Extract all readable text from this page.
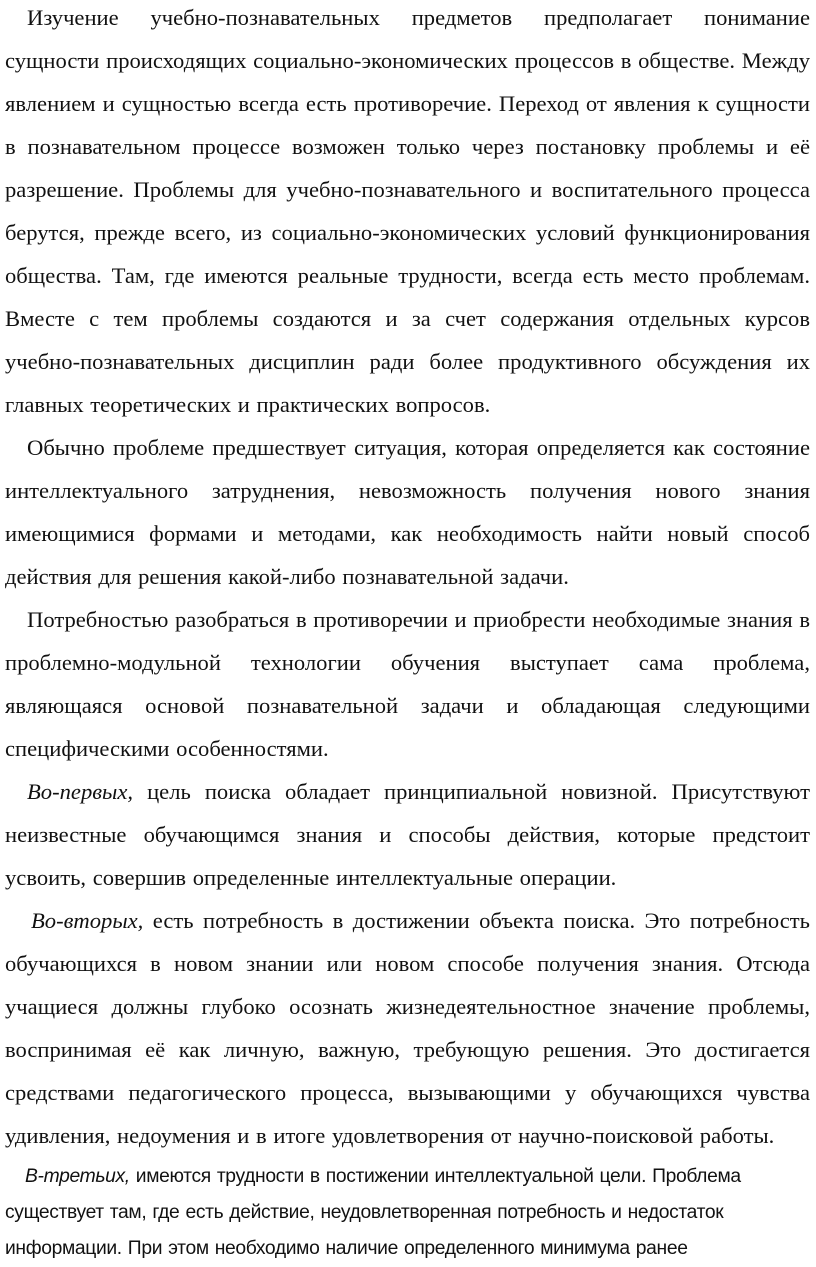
Изучение учебно-познавательных предметов предполагает понимание сущности происходящих социально-экономических процессов в обществе. Между явлением и сущностью всегда есть противоречие. Переход от явления к сущности в познавательном процессе возможен только через постановку проблемы и её разрешение. Проблемы для учебно-познавательного и воспитательного процесса берутся, прежде всего, из социально-экономических условий функционирования общества. Там, где имеются реальные трудности, всегда есть место проблемам. Вместе с тем проблемы создаются и за счет содержания отдельных курсов учебно-познавательных дисциплин ради более продуктивного обсуждения их главных теоретических и практических вопросов.

Обычно проблеме предшествует ситуация, которая определяется как состояние интеллектуального затруднения, невозможность получения нового знания имеющимися формами и методами, как необходимость найти новый способ действия для решения какой-либо познавательной задачи.

Потребностью разобраться в противоречии и приобрести необходимые знания в проблемно-модульной технологии обучения выступает сама проблема, являющаяся основой познавательной задачи и обладающая следующими специфическими особенностями.

Во-первых, цель поиска обладает принципиальной новизной. Присутствуют неизвестные обучающимся знания и способы действия, которые предстоит усвоить, совершив определенные интеллектуальные операции.

Во-вторых, есть потребность в достижении объекта поиска. Это потребность обучающихся в новом знании или новом способе получения знания. Отсюда учащиеся должны глубоко осознать жизнедеятельностное значение проблемы, воспринимая её как личную, важную, требующую решения. Это достигается средствами педагогического процесса, вызывающими у обучающихся чувства удивления, недоумения и в итоге удовлетворения от научно-поисковой работы.

В-третьих, имеются трудности в постижении интеллектуальной цели. Проблема существует там, где есть действие, неудовлетворенная потребность и недостаток информации. При этом необходимо наличие определенного минимума ранее
